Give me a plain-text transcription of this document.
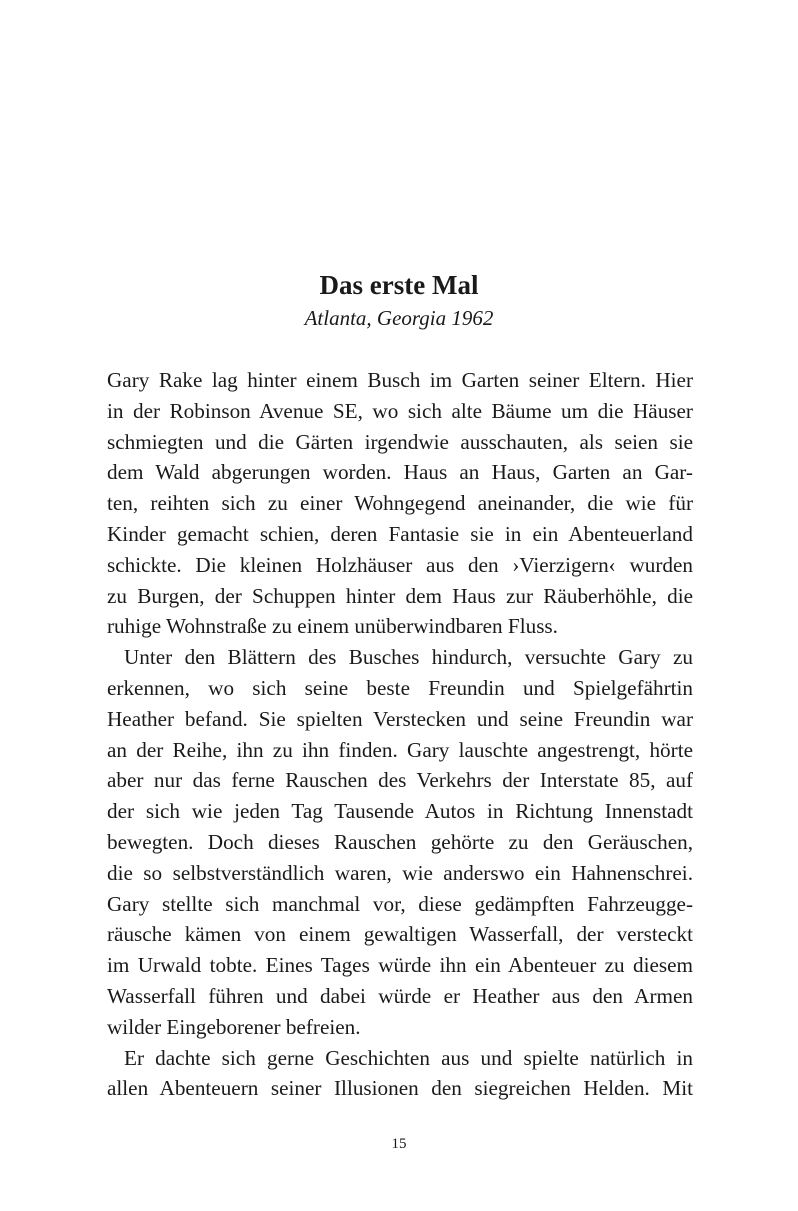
Das erste Mal
Atlanta, Georgia 1962
Gary Rake lag hinter einem Busch im Garten seiner Eltern. Hier
in der Robinson Avenue SE, wo sich alte Bäume um die Häuser
schmiegten und die Gärten irgendwie ausschauten, als seien sie
dem Wald abgerungen worden. Haus an Haus, Garten an Gar-
ten, reihten sich zu einer Wohngegend aneinander, die wie für
Kinder gemacht schien, deren Fantasie sie in ein Abenteuerland
schickte. Die kleinen Holzhäuser aus den ›Vierzigern‹ wurden
zu Burgen, der Schuppen hinter dem Haus zur Räuberhöhle, die
ruhige Wohnstraße zu einem unüberwindbaren Fluss.
Unter den Blättern des Busches hindurch, versuchte Gary zu
erkennen, wo sich seine beste Freundin und Spielgefährtin
Heather befand. Sie spielten Verstecken und seine Freundin war
an der Reihe, ihn zu ihn finden. Gary lauschte angestrengt, hörte
aber nur das ferne Rauschen des Verkehrs der Interstate 85, auf
der sich wie jeden Tag Tausende Autos in Richtung Innenstadt
bewegten. Doch dieses Rauschen gehörte zu den Geräuschen,
die so selbstverständlich waren, wie anderswo ein Hahnenschrei.
Gary stellte sich manchmal vor, diese gedämpften Fahrzeugge-
räusche kämen von einem gewaltigen Wasserfall, der versteckt
im Urwald tobte. Eines Tages würde ihn ein Abenteuer zu diesem
Wasserfall führen und dabei würde er Heather aus den Armen
wilder Eingeborener befreien.
Er dachte sich gerne Geschichten aus und spielte natürlich in
allen Abenteuern seiner Illusionen den siegreichen Helden. Mit
15
